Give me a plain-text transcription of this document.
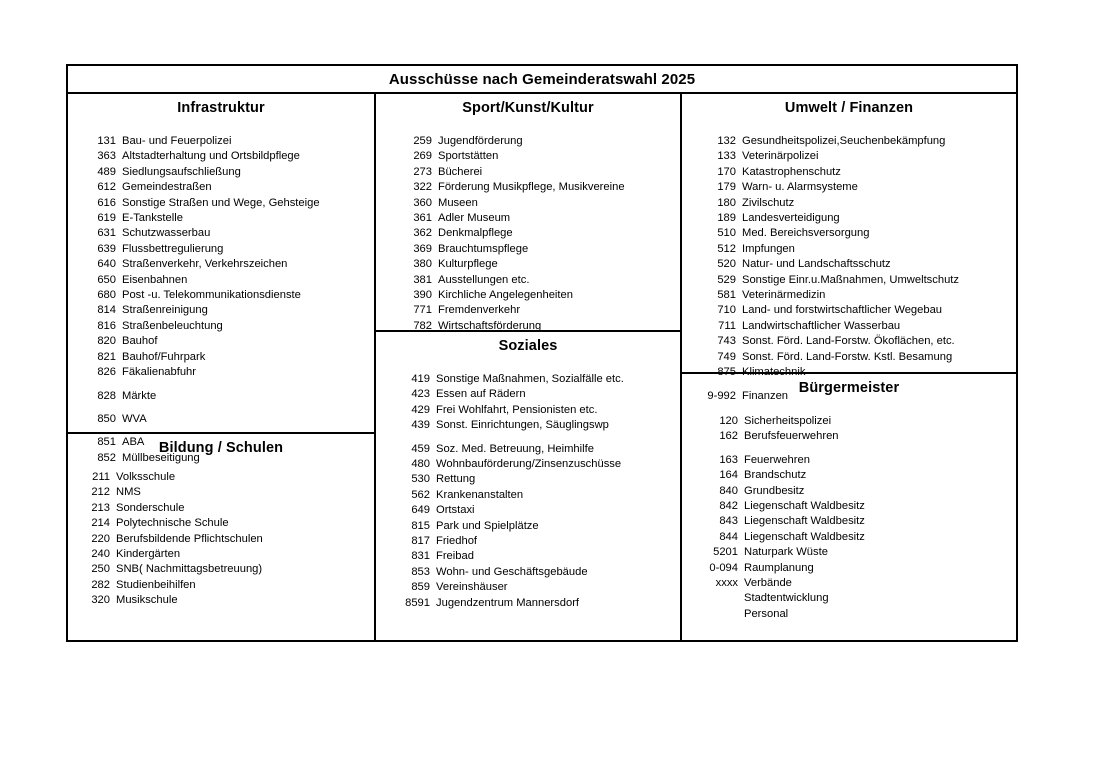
Ausschüsse nach Gemeinderatswahl 2025
Infrastruktur
131 Bau- und Feuerpolizei
363 Altstadterhaltung und Ortsbildpflege
489 Siedlungsaufschließung
612 Gemeindestraßen
616 Sonstige Straßen und Wege, Gehsteige
619 E-Tankstelle
631 Schutzwasserbau
639 Flussbettregulierung
640 Straßenverkehr, Verkehrszeichen
650 Eisenbahnen
680 Post -u. Telekommunikationsdienste
814 Straßenreinigung
816 Straßenbeleuchtung
820 Bauhof
821 Bauhof/Fuhrpark
826 Fäkalienabfuhr
828 Märkte
850 WVA
851 ABA
852 Müllbeseitigung
Bildung / Schulen
211 Volksschule
212 NMS
213 Sonderschule
214 Polytechnische Schule
220 Berufsbildende Pflichtschulen
240 Kindergärten
250 SNB( Nachmittagsbetreuung)
282 Studienbeihilfen
320 Musikschule
Sport/Kunst/Kultur
259 Jugendförderung
269 Sportstätten
273 Bücherei
322 Förderung Musikpflege, Musikvereine
360 Museen
361 Adler Museum
362 Denkmalpflege
369 Brauchtumspflege
380 Kulturpflege
381 Ausstellungen etc.
390 Kirchliche Angelegenheiten
771 Fremdenverkehr
782 Wirtschaftsförderung
Soziales
419 Sonstige Maßnahmen, Sozialfälle etc.
423 Essen auf Rädern
429 Frei Wohlfahrt, Pensionisten etc.
439 Sonst. Einrichtungen, Säuglingswp
459 Soz. Med. Betreuung, Heimhilfe
480 Wohnbauförderung/Zinsenzuschüsse
530 Rettung
562 Krankenanstalten
649 Ortstaxi
815 Park und Spielplätze
817 Friedhof
831 Freibad
853 Wohn- und Geschäftsgebäude
859 Vereinshäuser
8591 Jugendzentrum Mannersdorf
Umwelt / Finanzen
132 Gesundheitspolizei,Seuchenbekämpfung
133 Veterinärpolizei
170 Katastrophenschutz
179 Warn- u. Alarmsysteme
180 Zivilschutz
189 Landesverteidigung
510 Med. Bereichsversorgung
512 Impfungen
520 Natur- und Landschaftsschutz
529 Sonstige Einr.u.Maßnahmen, Umweltschutz
581 Veterinärmedizin
710 Land- und forstwirtschaftlicher Wegebau
711 Landwirtschaftlicher Wasserbau
743 Sonst. Förd. Land-Forstw. Ökoflächen, etc.
749 Sonst. Förd. Land-Forstw. Kstl. Besamung
875 Klimatechnik
9-992 Finanzen Bürgermeister
120 Sicherheitspolizei
162 Berufsfeuerwehren
163 Feuerwehren
164 Brandschutz
840 Grundbesitz
842 Liegenschaft Waldbesitz
843 Liegenschaft Waldbesitz
844 Liegenschaft Waldbesitz
5201 Naturpark Wüste
0-094 Raumplanung
xxxx Verbände
Stadtentwicklung
Personal
